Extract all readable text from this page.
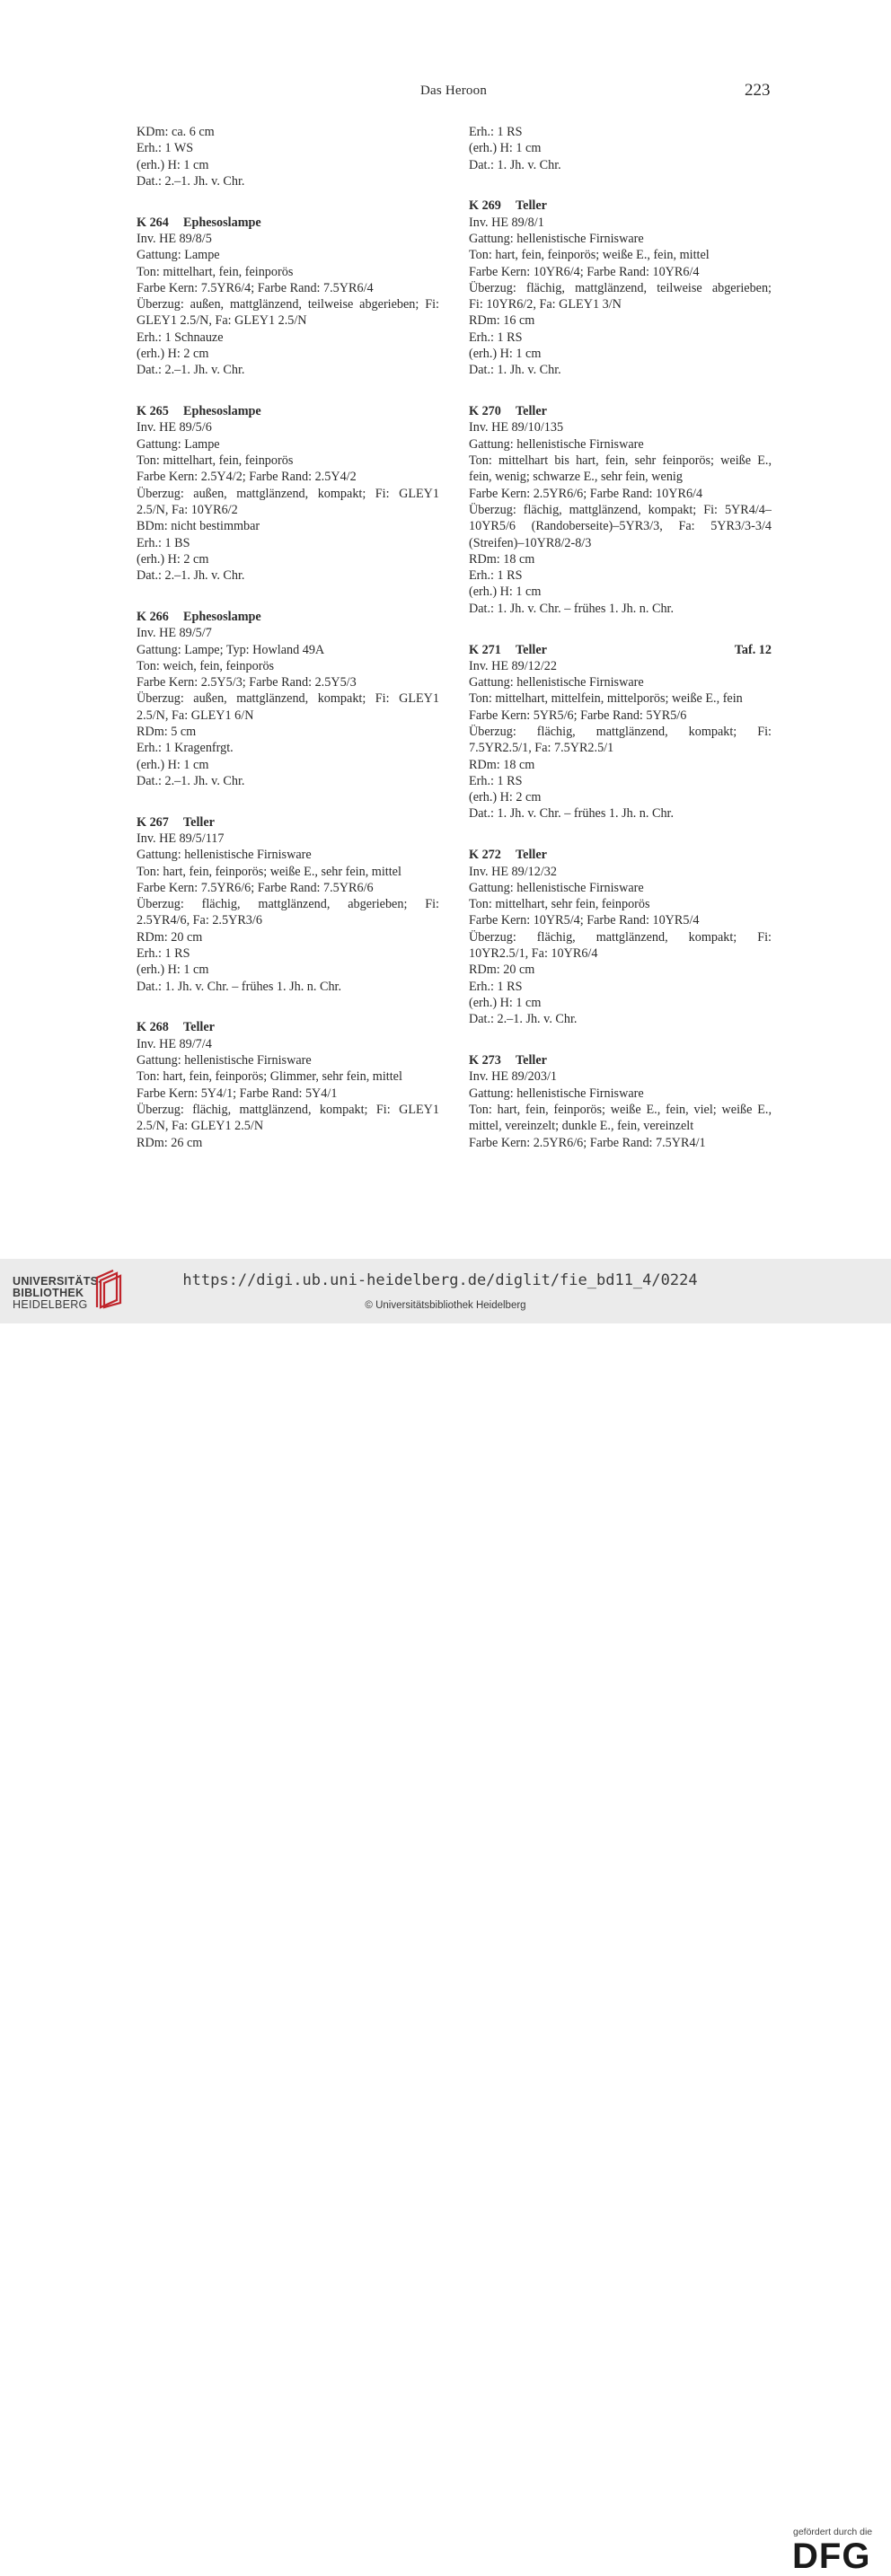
Das Heroon	223
KDm: ca. 6 cm
Erh.: 1 WS
(erh.) H: 1 cm
Dat.: 2.–1. Jh. v. Chr.
K 264 Ephesoslampe
Inv. HE 89/8/5
Gattung: Lampe
Ton: mittelhart, fein, feinporös
Farbe Kern: 7.5YR6/4; Farbe Rand: 7.5YR6/4
Überzug: außen, mattglänzend, teilweise abgerieben; Fi:
GLEY1 2.5/N, Fa: GLEY1 2.5/N
Erh.: 1 Schnauze
(erh.) H: 2 cm
Dat.: 2.–1. Jh. v. Chr.
K 265 Ephesoslampe
Inv. HE 89/5/6
Gattung: Lampe
Ton: mittelhart, fein, feinporös
Farbe Kern: 2.5Y4/2; Farbe Rand: 2.5Y4/2
Überzug: außen, mattglänzend, kompakt; Fi: GLEY1
2.5/N, Fa: 10YR6/2
BDm: nicht bestimmbar
Erh.: 1 BS
(erh.) H: 2 cm
Dat.: 2.–1. Jh. v. Chr.
K 266 Ephesoslampe
Inv. HE 89/5/7
Gattung: Lampe; Typ: Howland 49A
Ton: weich, fein, feinporös
Farbe Kern: 2.5Y5/3; Farbe Rand: 2.5Y5/3
Überzug: außen, mattglänzend, kompakt; Fi: GLEY1
2.5/N, Fa: GLEY1 6/N
RDm: 5 cm
Erh.: 1 Kragenfrgt.
(erh.) H: 1 cm
Dat.: 2.–1. Jh. v. Chr.
K 267 Teller
Inv. HE 89/5/117
Gattung: hellenistische Firnisware
Ton: hart, fein, feinporös; weiße E., sehr fein, mittel
Farbe Kern: 7.5YR6/6; Farbe Rand: 7.5YR6/6
Überzug: flächig, mattglänzend, abgerieben; Fi:
2.5YR4/6, Fa: 2.5YR3/6
RDm: 20 cm
Erh.: 1 RS
(erh.) H: 1 cm
Dat.: 1. Jh. v. Chr. – frühes 1. Jh. n. Chr.
K 268 Teller
Inv. HE 89/7/4
Gattung: hellenistische Firnisware
Ton: hart, fein, feinporös; Glimmer, sehr fein, mittel
Farbe Kern: 5Y4/1; Farbe Rand: 5Y4/1
Überzug: flächig, mattglänzend, kompakt; Fi: GLEY1
2.5/N, Fa: GLEY1 2.5/N
RDm: 26 cm
Erh.: 1 RS
(erh.) H: 1 cm
Dat.: 1. Jh. v. Chr.
K 269 Teller
Inv. HE 89/8/1
Gattung: hellenistische Firnisware
Ton: hart, fein, feinporös; weiße E., fein, mittel
Farbe Kern: 10YR6/4; Farbe Rand: 10YR6/4
Überzug: flächig, mattglänzend, teilweise abgerieben;
Fi: 10YR6/2, Fa: GLEY1 3/N
RDm: 16 cm
Erh.: 1 RS
(erh.) H: 1 cm
Dat.: 1. Jh. v. Chr.
K 270 Teller
Inv. HE 89/10/135
Gattung: hellenistische Firnisware
Ton: mittelhart bis hart, fein, sehr feinporös; weiße E.,
fein, wenig; schwarze E., sehr fein, wenig
Farbe Kern: 2.5YR6/6; Farbe Rand: 10YR6/4
Überzug: flächig, mattglänzend, kompakt; Fi: 5YR4/4–
10YR5/6 (Randoberseite)–5YR3/3, Fa: 5YR3/3-3/4
(Streifen)–10YR8/2-8/3
RDm: 18 cm
Erh.: 1 RS
(erh.) H: 1 cm
Dat.: 1. Jh. v. Chr. – frühes 1. Jh. n. Chr.
K 271 Teller	Taf. 12
Inv. HE 89/12/22
Gattung: hellenistische Firnisware
Ton: mittelhart, mittelfein, mittelporös; weiße E., fein
Farbe Kern: 5YR5/6; Farbe Rand: 5YR5/6
Überzug: flächig, mattglänzend, kompakt; Fi:
7.5YR2.5/1, Fa: 7.5YR2.5/1
RDm: 18 cm
Erh.: 1 RS
(erh.) H: 2 cm
Dat.: 1. Jh. v. Chr. – frühes 1. Jh. n. Chr.
K 272 Teller
Inv. HE 89/12/32
Gattung: hellenistische Firnisware
Ton: mittelhart, sehr fein, feinporös
Farbe Kern: 10YR5/4; Farbe Rand: 10YR5/4
Überzug: flächig, mattglänzend, kompakt; Fi:
10YR2.5/1, Fa: 10YR6/4
RDm: 20 cm
Erh.: 1 RS
(erh.) H: 1 cm
Dat.: 2.–1. Jh. v. Chr.
K 273 Teller
Inv. HE 89/203/1
Gattung: hellenistische Firnisware
Ton: hart, fein, feinporös; weiße E., fein, viel; weiße E.,
mittel, vereinzelt; dunkle E., fein, vereinzelt
Farbe Kern: 2.5YR6/6; Farbe Rand: 7.5YR4/1
UNIVERSITÄTS-
BIBLIOTHEK
HEIDELBERG
gefördert durch die
DFG
https://digi.ub.uni-heidelberg.de/diglit/fie_bd11_4/0224
© Universitätsbibliothek Heidelberg
